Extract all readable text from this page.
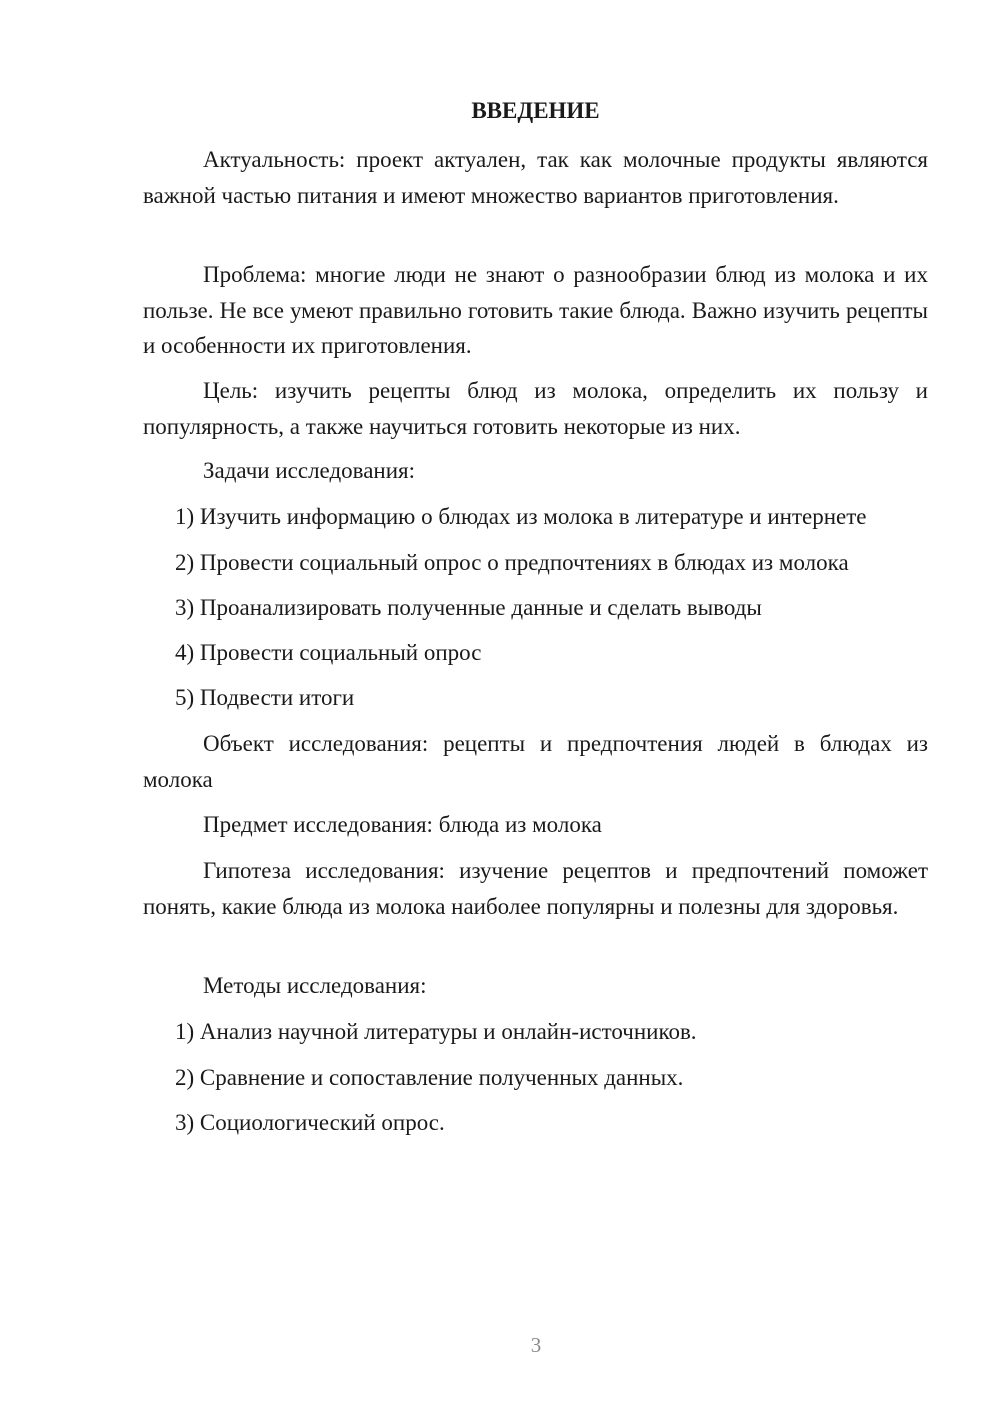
ВВЕДЕНИЕ

Актуальность: проект актуален, так как молочные продукты являются важной частью питания и имеют множество вариантов приготовления.

Проблема: многие люди не знают о разнообразии блюд из молока и их пользе. Не все умеют правильно готовить такие блюда. Важно изучить рецепты и особенности их приготовления.

Цель: изучить рецепты блюд из молока, определить их пользу и популярность, а также научиться готовить некоторые из них.

Задачи исследования:

1) Изучить информацию о блюдах из молока в литературе и интернете

2) Провести социальный опрос о предпочтениях в блюдах из молока

3) Проанализировать полученные данные и сделать выводы

4) Провести социальный опрос

5) Подвести итоги

Объект исследования: рецепты и предпочтения людей в блюдах из молока

Предмет исследования: блюда из молока

Гипотеза исследования: изучение рецептов и предпочтений поможет понять, какие блюда из молока наиболее популярны и полезны для здоровья.

Методы исследования:

1) Анализ научной литературы и онлайн-источников.

2) Сравнение и сопоставление полученных данных.

3) Социологический опрос.

3
